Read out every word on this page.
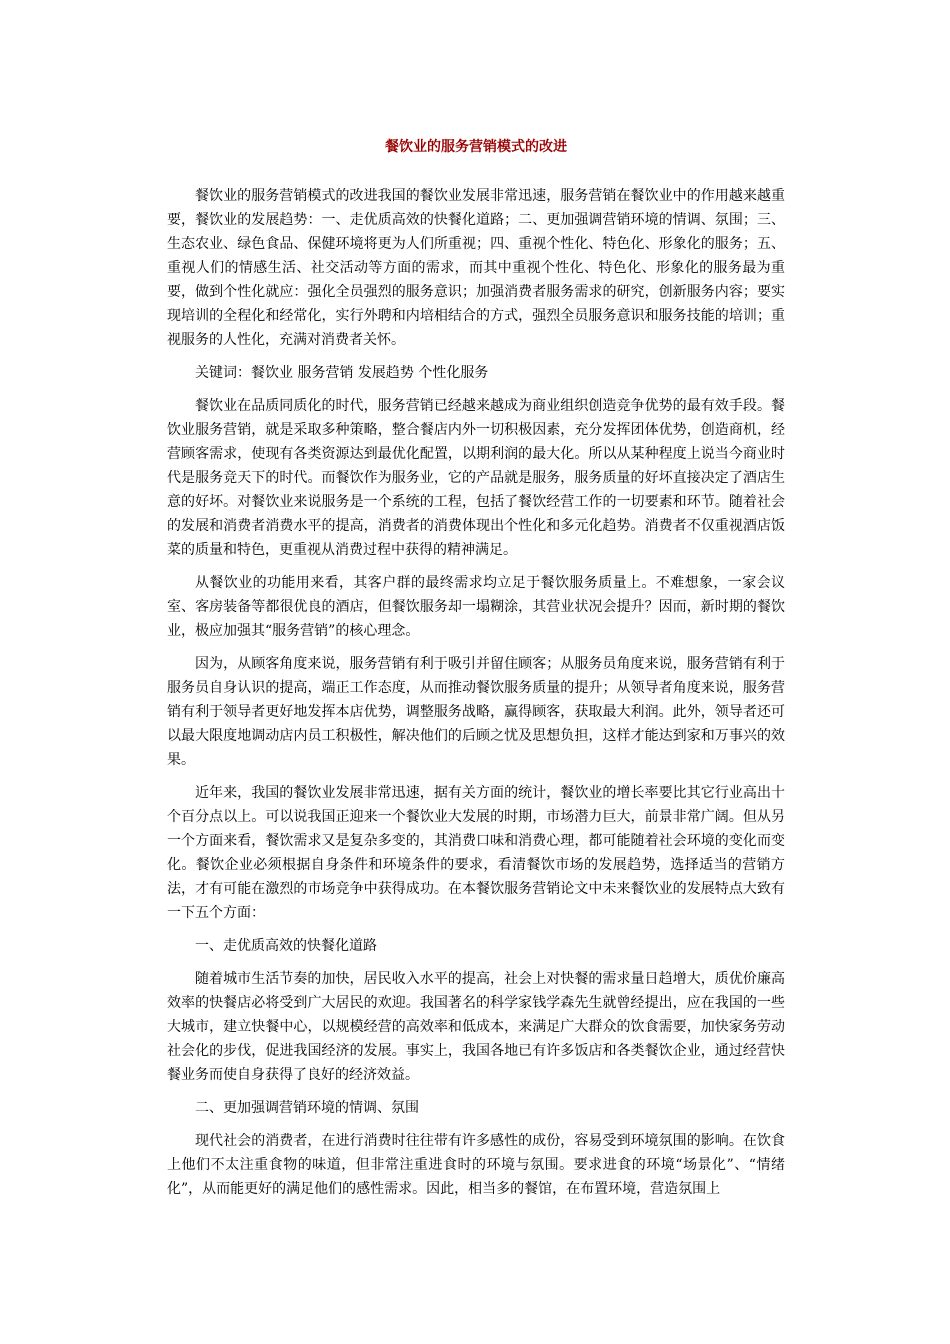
餐饮业的服务营销模式的改进

餐饮业的服务营销模式的改进我国的餐饮业发展非常迅速，服务营销在餐饮业中的作用越来越重要，餐饮业的发展趋势：一、走优质高效的快餐化道路；二、更加强调营销环境的情调、氛围；三、生态农业、绿色食品、保健环境将更为人们所重视；四、重视个性化、特色化、形象化的服务；五、重视人们的情感生活、社交活动等方面的需求，而其中重视个性化、特色化、形象化的服务最为重要，做到个性化就应：强化全员强烈的服务意识；加强消费者服务需求的研究，创新服务内容；要实现培训的全程化和经常化，实行外聘和内培相结合的方式，强烈全员服务意识和服务技能的培训；重视服务的人性化，充满对消费者关怀。

关键词：餐饮业 服务营销 发展趋势 个性化服务

餐饮业在品质同质化的时代，服务营销已经越来越成为商业组织创造竞争优势的最有效手段。餐饮业服务营销，就是采取多种策略，整合餐店内外一切积极因素，充分发挥团体优势，创造商机，经营顾客需求，使现有各类资源达到最优化配置，以期利润的最大化。所以从某种程度上说当今商业时代是服务竞天下的时代。而餐饮作为服务业，它的产品就是服务，服务质量的好坏直接决定了酒店生意的好坏。对餐饮业来说服务是一个系统的工程，包括了餐饮经营工作的一切要素和环节。随着社会的发展和消费者消费水平的提高，消费者的消费体现出个性化和多元化趋势。消费者不仅重视酒店饭菜的质量和特色，更重视从消费过程中获得的精神满足。

从餐饮业的功能用来看，其客户群的最终需求均立足于餐饮服务质量上。不难想象，一家会议室、客房装备等都很优良的酒店，但餐饮服务却一塌糊涂，其营业状况会提升？因而，新时期的餐饮业，极应加强其“服务营销”的核心理念。

因为，从顾客角度来说，服务营销有利于吸引并留住顾客；从服务员角度来说，服务营销有利于服务员自身认识的提高，端正工作态度，从而推动餐饮服务质量的提升；从领导者角度来说，服务营销有利于领导者更好地发挥本店优势，调整服务战略，赢得顾客，获取最大利润。此外，领导者还可以最大限度地调动店内员工积极性，解决他们的后顾之忧及思想负担，这样才能达到家和万事兴的效果。

近年来，我国的餐饮业发展非常迅速，据有关方面的统计，餐饮业的增长率要比其它行业高出十个百分点以上。可以说我国正迎来一个餐饮业大发展的时期，市场潜力巨大，前景非常广阔。但从另一个方面来看，餐饮需求又是复杂多变的，其消费口味和消费心理，都可能随着社会环境的变化而变化。餐饮企业必须根据自身条件和环境条件的要求，看清餐饮市场的发展趋势，选择适当的营销方法，才有可能在激烈的市场竞争中获得成功。在本餐饮服务营销论文中未来餐饮业的发展特点大致有一下五个方面：

一、走优质高效的快餐化道路

随着城市生活节奏的加快，居民收入水平的提高，社会上对快餐的需求量日趋增大，质优价廉高效率的快餐店必将受到广大居民的欢迎。我国著名的科学家钱学森先生就曾经提出，应在我国的一些大城市，建立快餐中心，以规模经营的高效率和低成本，来满足广大群众的饮食需要，加快家务劳动社会化的步伐，促进我国经济的发展。事实上，我国各地已有许多饭店和各类餐饮企业，通过经营快餐业务而使自身获得了良好的经济效益。

二、更加强调营销环境的情调、氛围

现代社会的消费者，在进行消费时往往带有许多感性的成份，容易受到环境氛围的影响。在饮食上他们不太注重食物的味道，但非常注重进食时的环境与氛围。要求进食的环境“场景化”、“情绪化”，从而能更好的满足他们的感性需求。因此，相当多的餐馆，在布置环境，营造氛围上
